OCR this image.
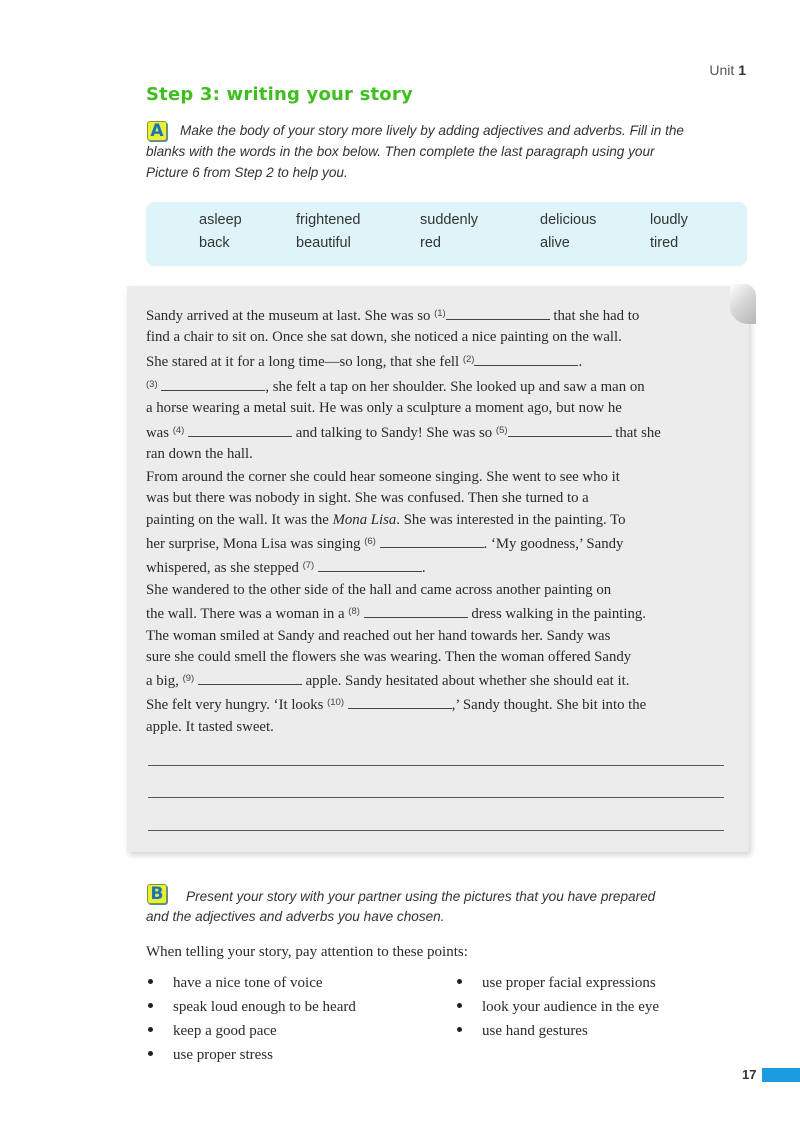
Unit 1
Step 3: writing your story
A Make the body of your story more lively by adding adjectives and adverbs. Fill in the
blanks with the words in the box below. Then complete the last paragraph using your
Picture 6 from Step 2 to help you.
asleep	frightened	suddenly	delicious	loudly
back	beautiful	red	alive	tired
Sandy arrived at the museum at last. She was so $^{(1)}$	that she had to
find a chair to sit on. Once she sat down, she noticed a nice painting on the wall.
She stared at it for a long time—so long, that she fell $^{(2)}$	.
$^{(3)}$	, she felt a tap on her shoulder. She looked up and saw a man on
a horse wearing a metal suit. He was only a sculpture a moment ago, but now he
was $^{(4)}$	and talking to Sandy! She was so $^{(5)}$	that she
ran down the hall.
From around the corner she could hear someone singing. She went to see who it
was but there was nobody in sight. She was confused. Then she turned to a
painting on the wall. It was the Mona Lisa. She was interested in the painting. To
her surprise, Mona Lisa was singing $^{(6)}$	. ‘My goodness,’ Sandy
whispered, as she stepped $^{(7)}$	.
She wandered to the other side of the hall and came across another painting on
the wall. There was a woman in a $^{(8)}$	dress walking in the painting.
The woman smiled at Sandy and reached out her hand towards her. Sandy was
sure she could smell the flowers she was wearing. Then the woman offered Sandy
a big, $^{(9)}$	apple. Sandy hesitated about whether she should eat it.
She felt very hungry. ‘It looks $^{(10)}$	,’ Sandy thought. She bit into the
apple. It tasted sweet.
B Present your story with your partner using the pictures that you have prepared
and the adjectives and adverbs you have chosen.
When telling your story, pay attention to these points:
have a nice tone of voice
speak loud enough to be heard
keep a good pace
use proper stress
use proper facial expressions
look your audience in the eye
use hand gestures
17
